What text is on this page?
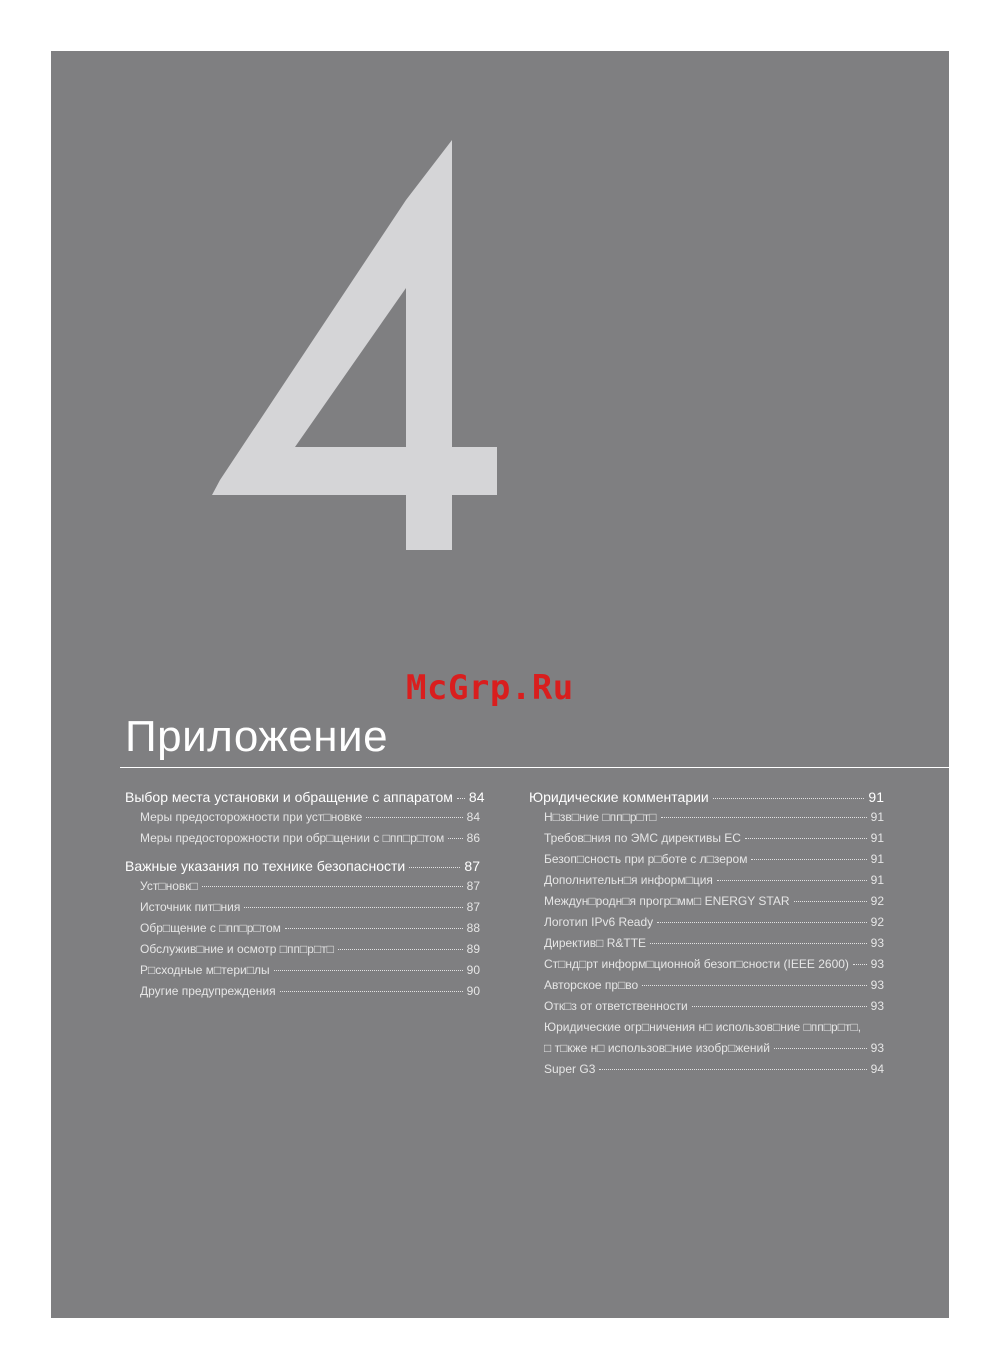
4
McGrp.Ru
Приложение
Выбор места установки и обращение с аппаратом 84
Меры предосторожности при уст□новке	84
Меры предосторожности при обр□щении с □пп□р□том 86
Важные указания по технике безопасности	87
Уст□новк□	87
Источник пит□ния	87
Обр□щение с □пп□р□том	88
Обслужив□ние и осмотр □пп□р□т□	89
Р□сходные м□тери□лы	90
Другие предупреждения	90
Юридические комментарии	91
Н□зв□ние □пп□р□т□	91
Требов□ния по ЭМС директивы ЕС	91
Безоп□сность при р□боте с л□зером	91
Дополнительн□я информ□ция	91
Междун□родн□я прогр□мм□ ENERGY STAR	92
Логотип IPv6 Ready	92
Директив□ R&TTE	93
Ст□нд□рт информ□ционной безоп□сности (IEEE 2600) 93
Авторское пр□во	93
Отк□з от ответственности	93
Юридические огр□ничения н□ использов□ние □пп□р□т□,
□ т□кже н□ использов□ние изобр□жений	93
Super G3	94
